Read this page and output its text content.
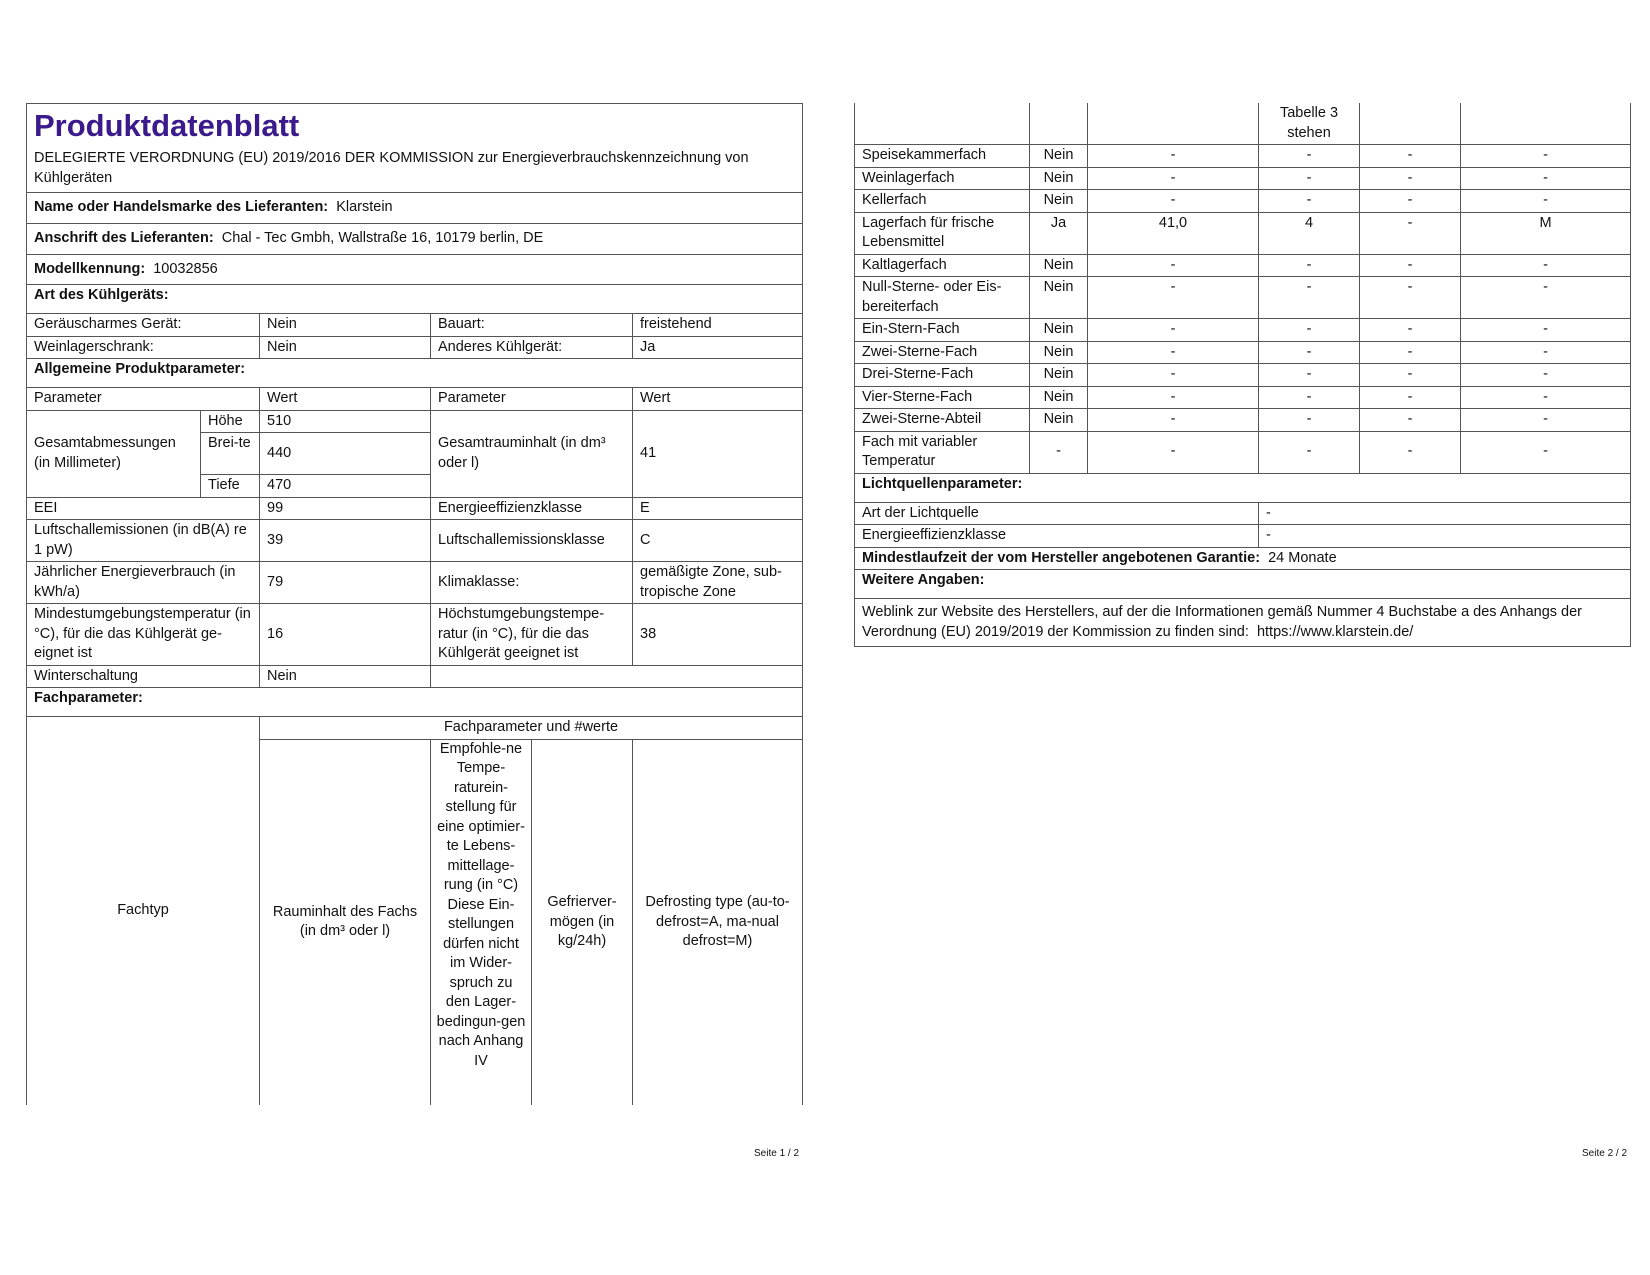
Produktdatenblatt
DELEGIERTE VERORDNUNG (EU) 2019/2016 DER KOMMISSION zur Energieverbrauchskennzeichnung von Kühlgeräten					

Name oder Handelsmarke des Lieferanten: Klarstein					
Anschrift des Lieferanten: Chal - Tec Gmbh, Wallstraße 16, 10179 berlin, DE					
Modellkennung: 10032856					
Art des Kühlgeräts:					
Geräuscharmes Gerät:		Nein	Bauart:		freistehend
Weinlagerschrank:		Nein	Anderes Kühlgerät:		Ja
Allgemeine Produktparameter:					
Parameter		Wert	Parameter		Wert
Gesamtabmessungen (in Millimeter)	Höhe	510	Gesamtrauminhalt (in dm³ oder l)		41
	Brei-te	440			
	Tiefe	470			
EEI		99	Energieeffizienzklasse		E
Luftschallemissionen (in dB(A) re 1 pW)		39	Luftschallemissionsklasse		C
Jährlicher Energieverbrauch (in kWh/a)		79	Klimaklasse:		gemäßigte Zone, sub-tropische Zone
Mindestumgebungstemperatur (in °C), für die das Kühlgerät ge-eignet ist		16	Höchstumgebungstempe-ratur (in °C), für die das Kühlgerät geeignet ist		38
Winterschaltung		Nein			
Fachparameter:					
Fachtyp		Fachparameter und #werte			
		Rauminhalt des Fachs (in dm³ oder l)	Empfohle-ne Tempe-raturein-stellung für eine optimier-te Lebens-mittellage-rung (in °C) Diese Ein-stellungen dürfen nicht im Wider-spruch zu den Lager-bedingun-gen nach Anhang IV	Gefrierver-mögen (in kg/24h)	Defrosting type (au-to-defrost=A, ma-nual defrost=M)
Seite 1 / 2
			Tabelle 3 stehen		
Speisekammerfach	Nein	-	-	-	-
Weinlagerfach	Nein	-	-	-	-
Kellerfach	Nein	-	-	-	-
Lagerfach für frische Lebensmittel	Ja	41,0	4	-	M
Kaltlagerfach	Nein	-	-	-	-
Null-Sterne- oder Eis-bereiterfach	Nein	-	-	-	-
Ein-Stern-Fach	Nein	-	-	-	-
Zwei-Sterne-Fach	Nein	-	-	-	-
Drei-Sterne-Fach	Nein	-	-	-	-
Vier-Sterne-Fach	Nein	-	-	-	-
Zwei-Sterne-Abteil	Nein	-	-	-	-
Fach mit variabler Temperatur	-	-	-	-	-
Lichtquellenparameter:					
Art der Lichtquelle			-		
Energieeffizienzklasse			-		
Mindestlaufzeit der vom Hersteller angebotenen Garantie: 24 Monate					
Weitere Angaben:					
Weblink zur Website des Herstellers, auf der die Informationen gemäß Nummer 4 Buchstabe a des Anhangs der Verordnung (EU) 2019/2019 der Kommission zu finden sind: https://www.klarstein.de/					
Seite 2 / 2
